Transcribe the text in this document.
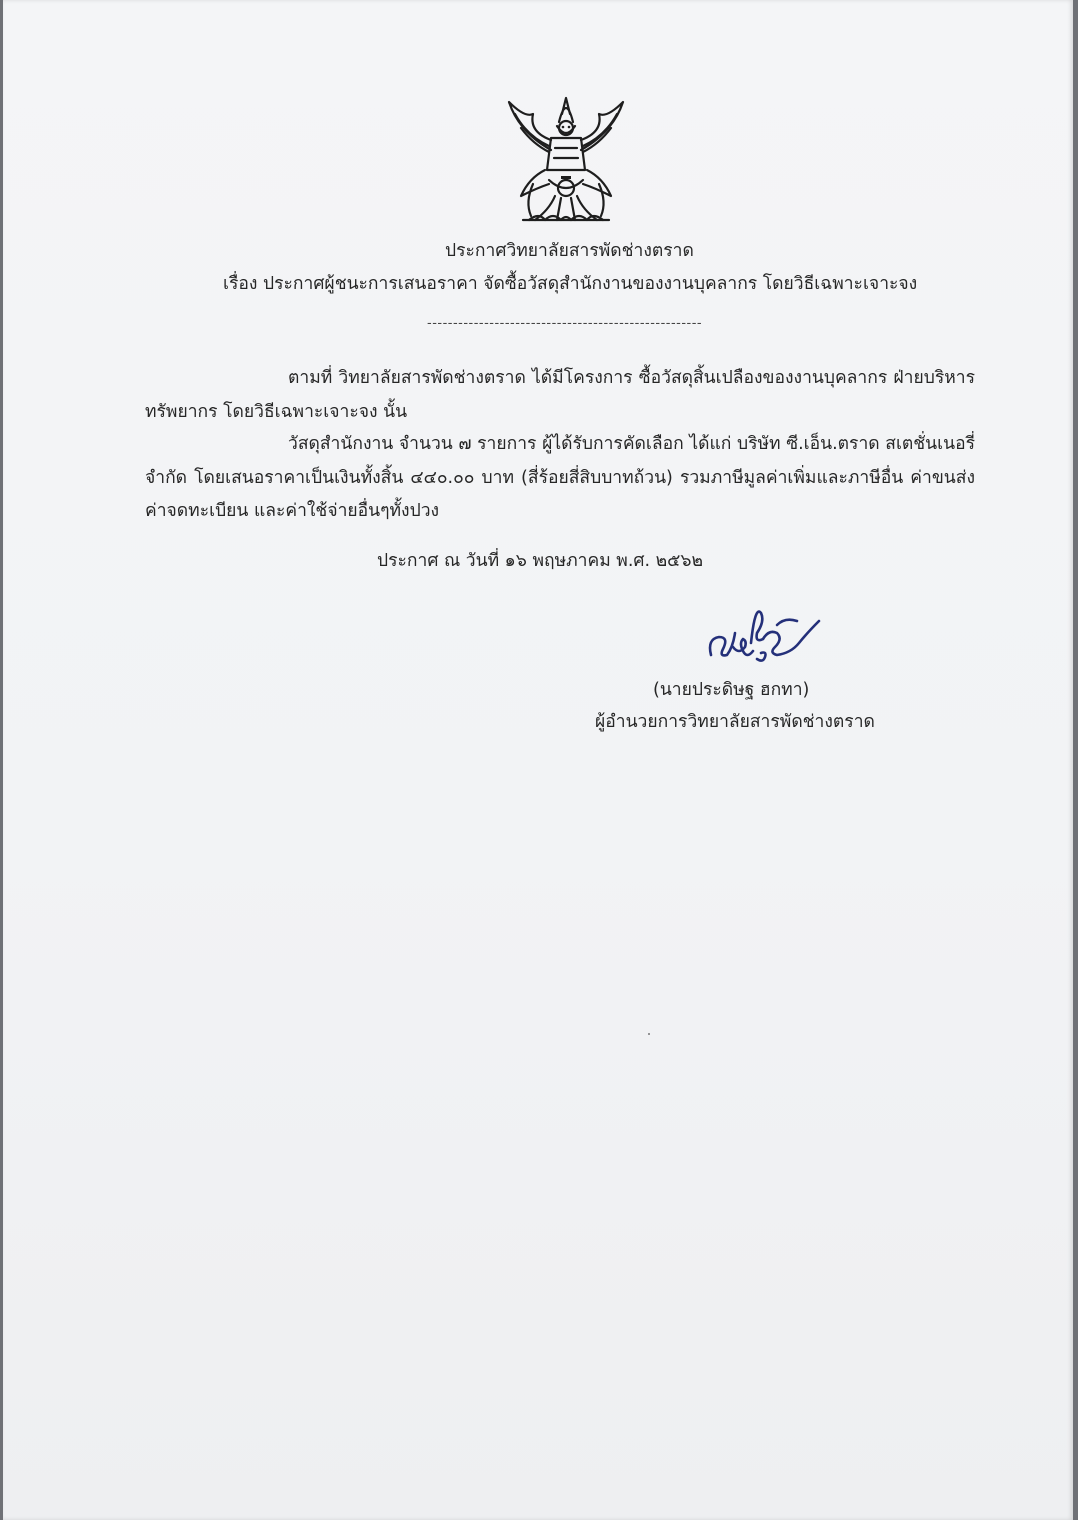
ประกาศวิทยาลัยสารพัดช่างตราด
เรื่อง ประกาศผู้ชนะการเสนอราคา จัดซื้อวัสดุสำนักงานของงานบุคลากร โดยวิธีเฉพาะเจาะจง
-----------------------------------------------------
ตามที่ วิทยาลัยสารพัดช่างตราด ได้มีโครงการ ซื้อวัสดุสิ้นเปลืองของงานบุคลากร ฝ่ายบริหารทรัพยากร โดยวิธีเฉพาะเจาะจง นั้น
วัสดุสำนักงาน จำนวน ๗ รายการ ผู้ได้รับการคัดเลือก ได้แก่ บริษัท ซี.เอ็น.ตราด สเตชั่นเนอรี่ จำกัด โดยเสนอราคาเป็นเงินทั้งสิ้น ๔๔๐.๐๐ บาท (สี่ร้อยสี่สิบบาทถ้วน) รวมภาษีมูลค่าเพิ่มและภาษีอื่น ค่าขนส่ง ค่าจดทะเบียน และค่าใช้จ่ายอื่นๆทั้งปวง
ประกาศ ณ วันที่ ๑๖ พฤษภาคม พ.ศ. ๒๕๖๒
(นายประดิษฐ ฮกทา)
ผู้อำนวยการวิทยาลัยสารพัดช่างตราด
